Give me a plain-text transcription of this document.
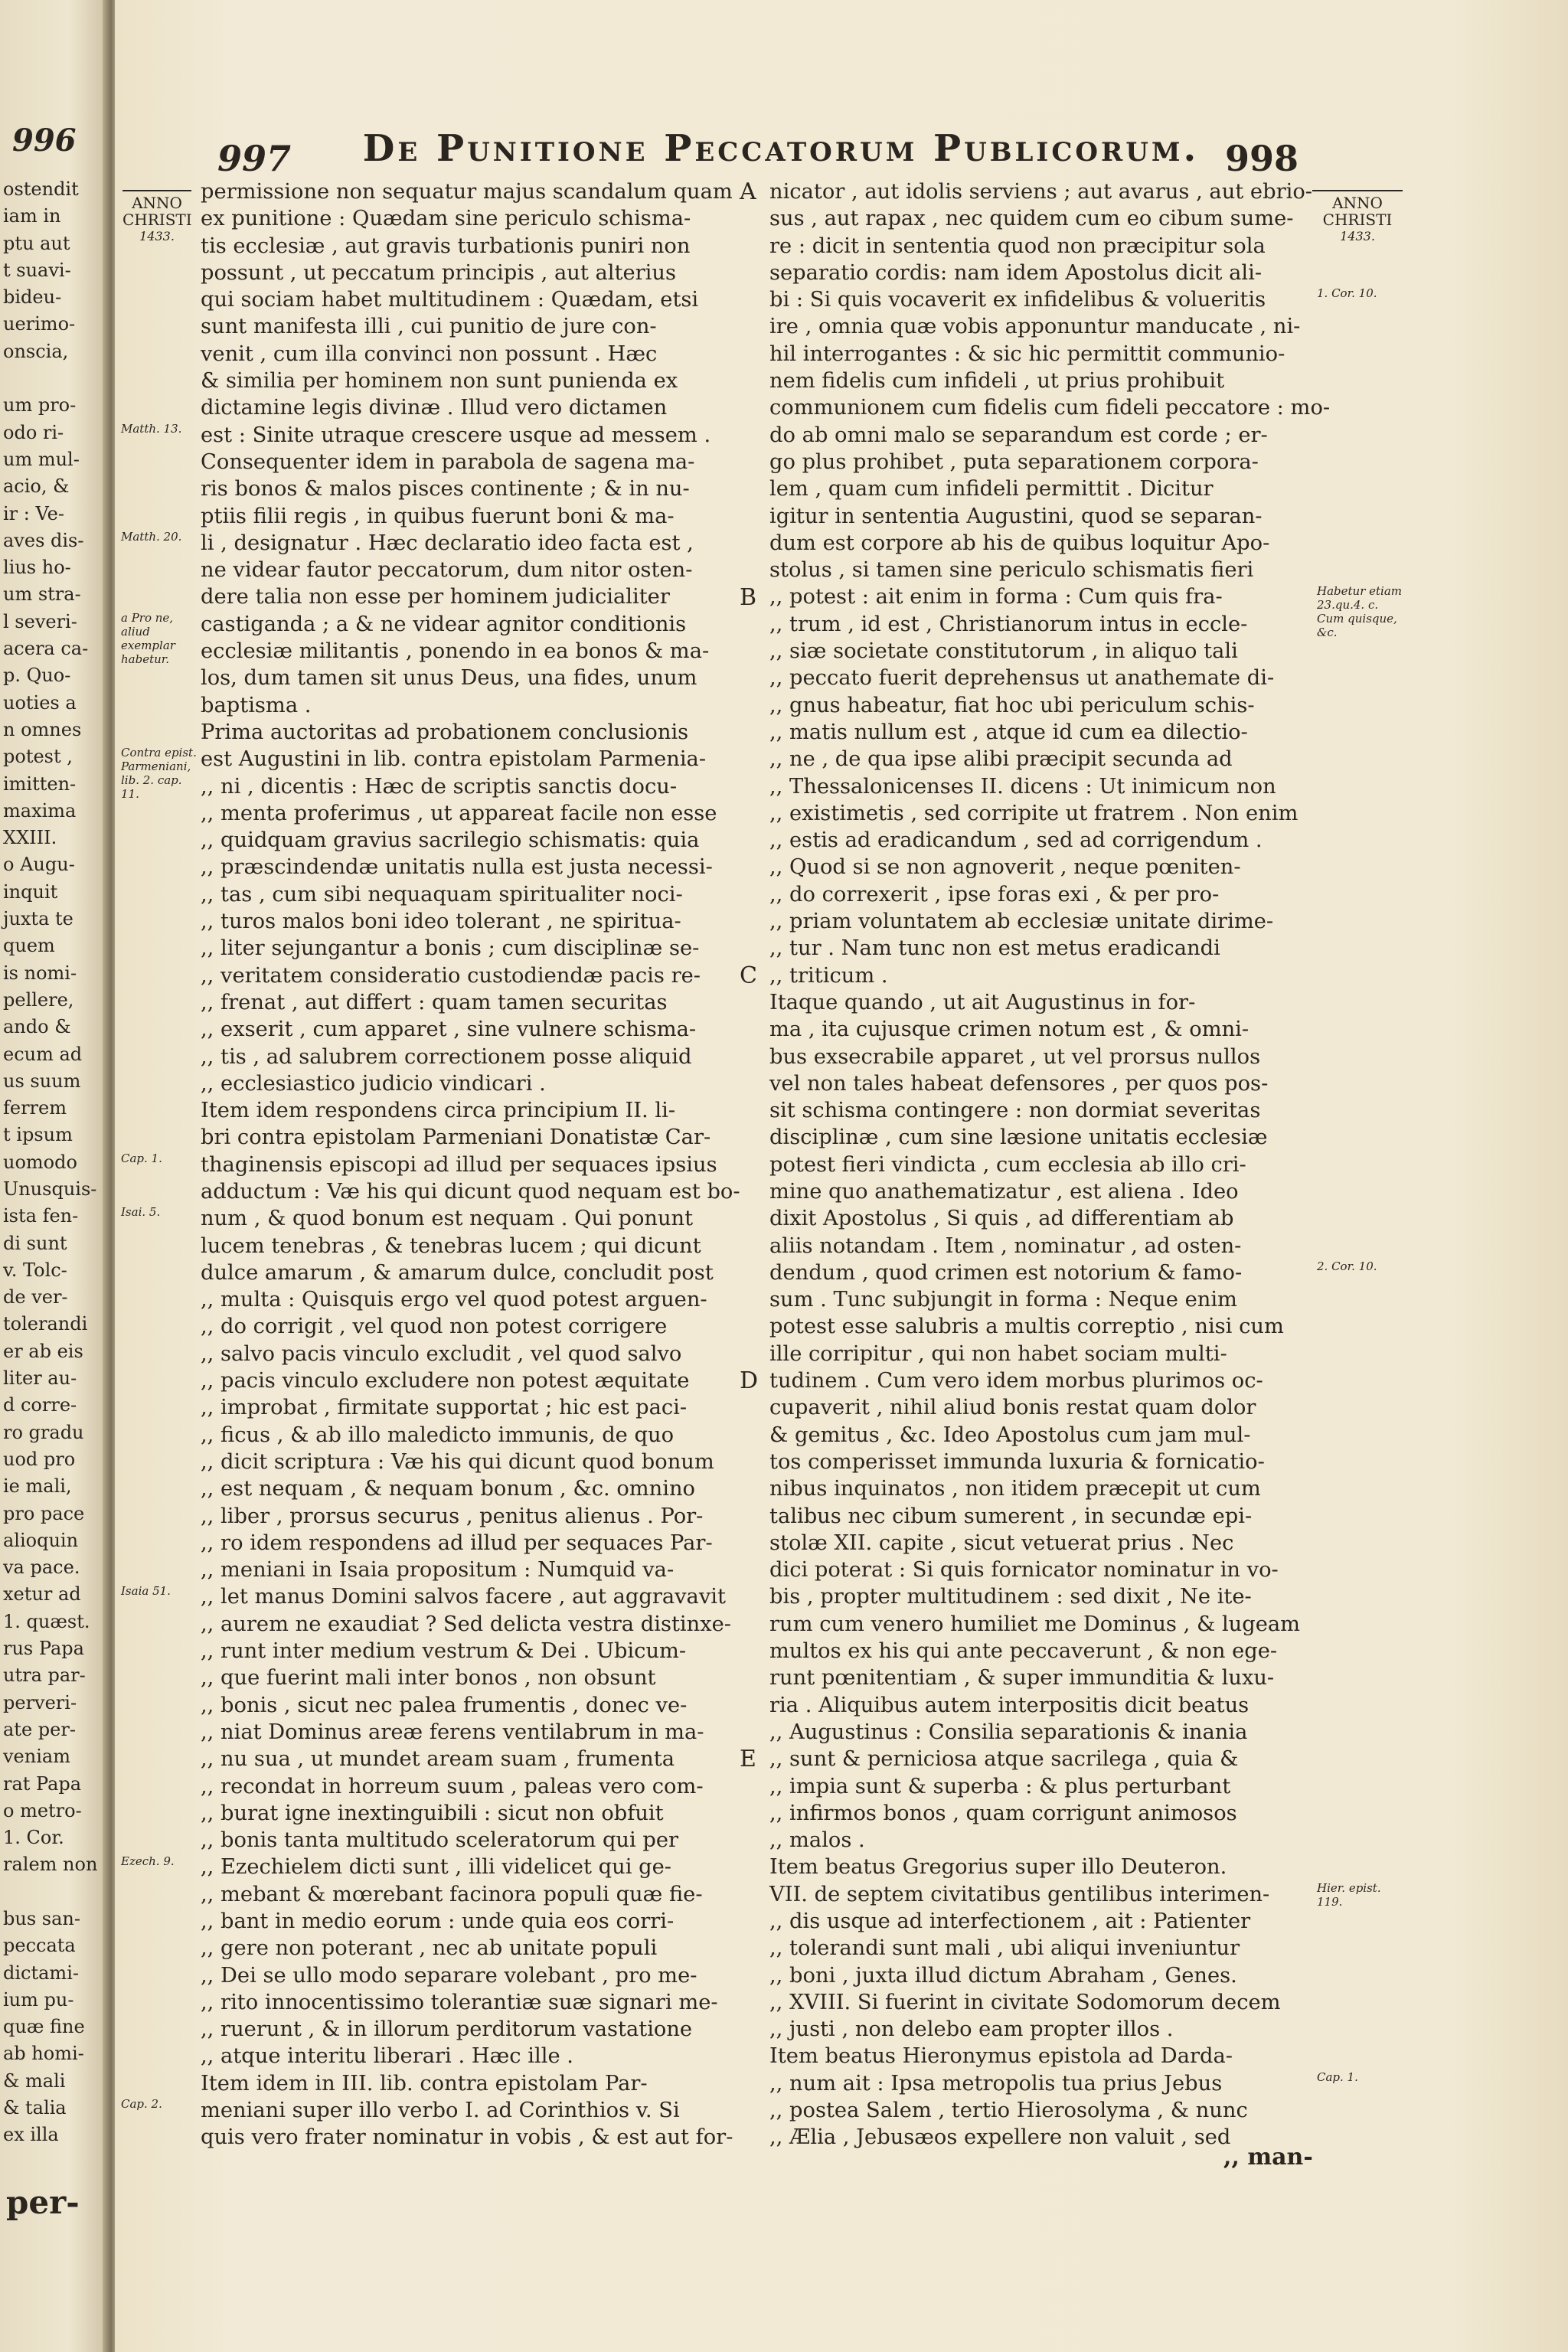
996
ostendit
iam in
ptu aut
t suavi-
bideu-
uerimo-
onscia,
um pro-
odo ri-
um mul-
acio, &
ir : Ve-
aves dis-
lius ho-
um stra-
l severi-
acera ca-
p. Quo-
uoties a
n omnes
potest ,
imitten-
maxima
XXIII.
o Augu-
inquit
juxta te
quem
is nomi-
pellere,
ando &
ecum ad
us suum
ferrem
t ipsum
uomodo
Unusquis-
ista fen-
di sunt
v. Tolc-
de ver-
tolerandi
er ab eis
liter au-
d corre-
ro gradu
uod pro
ie mali,
pro pace
alioquin
va pace.
xetur ad
1. quæst.
rus Papa
utra par-
perveri-
ate per-
veniam
rat Papa
o metro-
1. Cor.
ralem non
bus san-
peccata
dictami-
ium pu-
quæ fine
ab homi-
& mali
& talia
ex illa
per-
997 De Punitione Peccatorum Publicorum. 998
ANNO CHRISTI
1433.
ANNO CHRISTI
1433.
permissione non sequatur majus scandalum quam
ex punitione : Quædam sine periculo schisma-
tis ecclesiæ , aut gravis turbationis puniri non
possunt , ut peccatum principis , aut alterius
qui sociam habet multitudinem : Quædam, etsi
sunt manifesta illi , cui punitio de jure con-
venit , cum illa convinci non possunt . Hæc
& similia per hominem non sunt punienda ex
dictamine legis divinæ . Illud vero dictamen
est : Sinite utraque crescere usque ad messem .
Consequenter idem in parabola de sagena ma-
ris bonos & malos pisces continente ; & in nu-
ptiis filii regis , in quibus fuerunt boni & ma-
li , designatur . Hæc declaratio ideo facta est ,
ne videar fautor peccatorum, dum nitor osten-
dere talia non esse per hominem judicialiter
castiganda ; a & ne videar agnitor conditionis
ecclesiæ militantis , ponendo in ea bonos & ma-
los, dum tamen sit unus Deus, una fides, unum
baptisma .
Prima auctoritas ad probationem conclusionis
est Augustini in lib. contra epistolam Parmenia-
,, ni , dicentis : Hæc de scriptis sanctis docu-
,, menta proferimus , ut appareat facile non esse
,, quidquam gravius sacrilegio schismatis: quia
,, præscindendæ unitatis nulla est justa necessi-
,, tas , cum sibi nequaquam spiritualiter noci-
,, turos malos boni ideo tolerant , ne spiritua-
,, liter sejungantur a bonis ; cum disciplinæ se-
,, veritatem consideratio custodiendæ pacis re-
,, frenat , aut differt : quam tamen securitas
,, exserit , cum apparet , sine vulnere schisma-
,, tis , ad salubrem correctionem posse aliquid
,, ecclesiastico judicio vindicari .
Item idem respondens circa principium II. li-
bri contra epistolam Parmeniani Donatistæ Car-
thaginensis episcopi ad illud per sequaces ipsius
adductum : Væ his qui dicunt quod nequam est bo-
num , & quod bonum est nequam . Qui ponunt
lucem tenebras , & tenebras lucem ; qui dicunt
dulce amarum , & amarum dulce, concludit post
,, multa : Quisquis ergo vel quod potest arguen-
,, do corrigit , vel quod non potest corrigere
,, salvo pacis vinculo excludit , vel quod salvo
,, pacis vinculo excludere non potest æquitate
,, improbat , firmitate supportat ; hic est paci-
,, ficus , & ab illo maledicto immunis, de quo
,, dicit scriptura : Væ his qui dicunt quod bonum
,, est nequam , & nequam bonum , &c. omnino
,, liber , prorsus securus , penitus alienus . Por-
,, ro idem respondens ad illud per sequaces Par-
,, meniani in Isaia propositum : Numquid va-
,, let manus Domini salvos facere , aut aggravavit
,, aurem ne exaudiat ? Sed delicta vestra distinxe-
,, runt inter medium vestrum & Dei . Ubicum-
,, que fuerint mali inter bonos , non obsunt
,, bonis , sicut nec palea frumentis , donec ve-
,, niat Dominus areæ ferens ventilabrum in ma-
,, nu sua , ut mundet aream suam , frumenta
,, recondat in horreum suum , paleas vero com-
,, burat igne inextinguibili : sicut non obfuit
,, bonis tanta multitudo sceleratorum qui per
,, Ezechielem dicti sunt , illi videlicet qui ge-
,, mebant & mœrebant facinora populi quæ fie-
,, bant in medio eorum : unde quia eos corri-
,, gere non poterant , nec ab unitate populi
,, Dei se ullo modo separare volebant , pro me-
,, rito innocentissimo tolerantiæ suæ signari me-
,, ruerunt , & in illorum perditorum vastatione
,, atque interitu liberari . Hæc ille .
Item idem in III. lib. contra epistolam Par-
meniani super illo verbo I. ad Corinthios v. Si
quis vero frater nominatur in vobis , & est aut for-
nicator , aut idolis serviens ; aut avarus , aut ebrio-
sus , aut rapax , nec quidem cum eo cibum sume-
re : dicit in sententia quod non præcipitur sola
separatio cordis: nam idem Apostolus dicit ali-
bi : Si quis vocaverit ex infidelibus & volueritis
ire , omnia quæ vobis apponuntur manducate , ni-
hil interrogantes : & sic hic permittit communio-
nem fidelis cum infideli , ut prius prohibuit
communionem cum fidelis cum fideli peccatore : mo-
do ab omni malo se separandum est corde ; er-
go plus prohibet , puta separationem corpora-
lem , quam cum infideli permittit . Dicitur
igitur in sententia Augustini, quod se separan-
dum est corpore ab his de quibus loquitur Apo-
stolus , si tamen sine periculo schismatis fieri
,, potest : ait enim in forma : Cum quis fra-
,, trum , id est , Christianorum intus in eccle-
,, siæ societate constitutorum , in aliquo tali
,, peccato fuerit deprehensus ut anathemate di-
,, gnus habeatur, fiat hoc ubi periculum schis-
,, matis nullum est , atque id cum ea dilectio-
,, ne , de qua ipse alibi præcipit secunda ad
,, Thessalonicenses II. dicens : Ut inimicum non
,, existimetis , sed corripite ut fratrem . Non enim
,, estis ad eradicandum , sed ad corrigendum .
,, Quod si se non agnoverit , neque pœniten-
,, do correxerit , ipse foras exi , & per pro-
,, priam voluntatem ab ecclesiæ unitate dirime-
,, tur . Nam tunc non est metus eradicandi
,, triticum .
Itaque quando , ut ait Augustinus in for-
ma , ita cujusque crimen notum est , & omni-
bus exsecrabile apparet , ut vel prorsus nullos
vel non tales habeat defensores , per quos pos-
sit schisma contingere : non dormiat severitas
disciplinæ , cum sine læsione unitatis ecclesiæ
potest fieri vindicta , cum ecclesia ab illo cri-
mine quo anathematizatur , est aliena . Ideo
dixit Apostolus , Si quis , ad differentiam ab
aliis notandam . Item , nominatur , ad osten-
dendum , quod crimen est notorium & famo-
sum . Tunc subjungit in forma : Neque enim
potest esse salubris a multis correptio , nisi cum
ille corripitur , qui non habet sociam multi-
tudinem . Cum vero idem morbus plurimos oc-
cupaverit , nihil aliud bonis restat quam dolor
& gemitus , &c. Ideo Apostolus cum jam mul-
tos comperisset immunda luxuria & fornicatio-
nibus inquinatos , non itidem præcepit ut cum
talibus nec cibum sumerent , in secundæ epi-
stolæ XII. capite , sicut vetuerat prius . Nec
dici poterat : Si quis fornicator nominatur in vo-
bis , propter multitudinem : sed dixit , Ne ite-
rum cum venero humiliet me Dominus , & lugeam
multos ex his qui ante peccaverunt , & non ege-
runt pœnitentiam , & super immunditia & luxu-
ria . Aliquibus autem interpositis dicit beatus
,, Augustinus : Consilia separationis & inania
,, sunt & perniciosa atque sacrilega , quia &
,, impia sunt & superba : & plus perturbant
,, infirmos bonos , quam corrigunt animosos
,, malos .
Item beatus Gregorius super illo Deuteron.
VII. de septem civitatibus gentilibus interimen-
,, dis usque ad interfectionem , ait : Patienter
,, tolerandi sunt mali , ubi aliqui inveniuntur
,, boni , juxta illud dictum Abraham , Genes.
,, XVIII. Si fuerint in civitate Sodomorum decem
,, justi , non delebo eam propter illos .
Item beatus Hieronymus epistola ad Darda-
,, num ait : Ipsa metropolis tua prius Jebus
,, postea Salem , tertio Hierosolyma , & nunc
,, Ælia , Jebusæos expellere non valuit , sed
A
B
C
D
E
Matth. 13.
Matth. 20.
a Pro ne, aliud exemplar habetur.
Contra epist. Parmeniani, lib. 2. cap. 11.
Cap. 1.
Isai. 5.
Isaia 51.
Ezech. 9.
Cap. 2.
1. Cor. 10.
Habetur etiam 23.qu.4. c. Cum quisque, &c.
2. Cor. 10.
Hier. epist. 119.
Cap. 1.
,, man-
